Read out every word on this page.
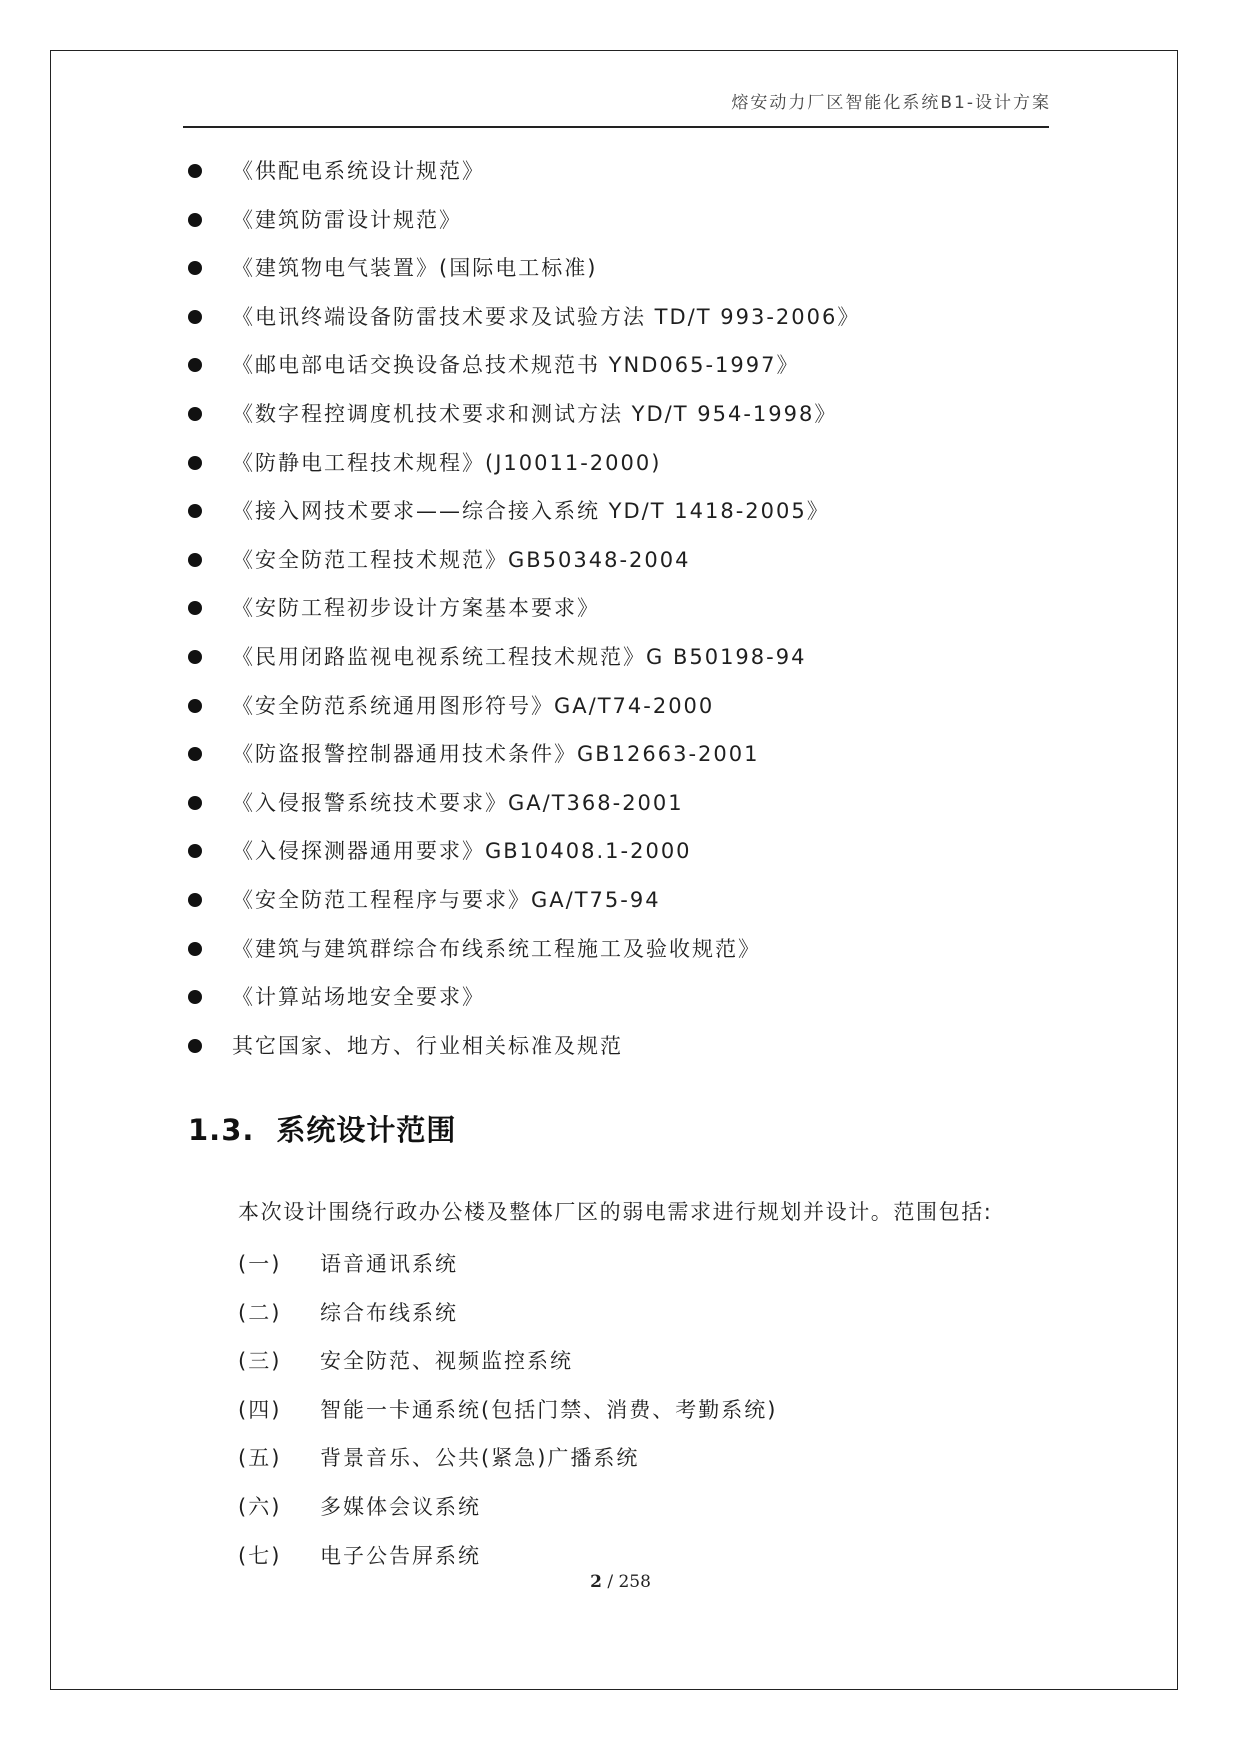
熔安动力厂区智能化系统B1-设计方案
《供配电系统设计规范》
《建筑防雷设计规范》
《建筑物电气装置》(国际电工标准)
《电讯终端设备防雷技术要求及试验方法 TD/T 993-2006》
《邮电部电话交换设备总技术规范书 YND065-1997》
《数字程控调度机技术要求和测试方法 YD/T 954-1998》
《防静电工程技术规程》(J10011-2000)
《接入网技术要求——综合接入系统 YD/T 1418-2005》
《安全防范工程技术规范》GB50348-2004
《安防工程初步设计方案基本要求》
《民用闭路监视电视系统工程技术规范》G B50198-94
《安全防范系统通用图形符号》GA/T74-2000
《防盗报警控制器通用技术条件》GB12663-2001
《入侵报警系统技术要求》GA/T368-2001
《入侵探测器通用要求》GB10408.1-2000
《安全防范工程程序与要求》GA/T75-94
《建筑与建筑群综合布线系统工程施工及验收规范》
《计算站场地安全要求》
其它国家、地方、行业相关标准及规范
1.3. 系统设计范围
本次设计围绕行政办公楼及整体厂区的弱电需求进行规划并设计。范围包括:
(一)	语音通讯系统
(二)	综合布线系统
(三)	安全防范、视频监控系统
(四)	智能一卡通系统(包括门禁、消费、考勤系统)
(五)	背景音乐、公共(紧急)广播系统
(六)	多媒体会议系统
(七)	电子公告屏系统
2 / 258
